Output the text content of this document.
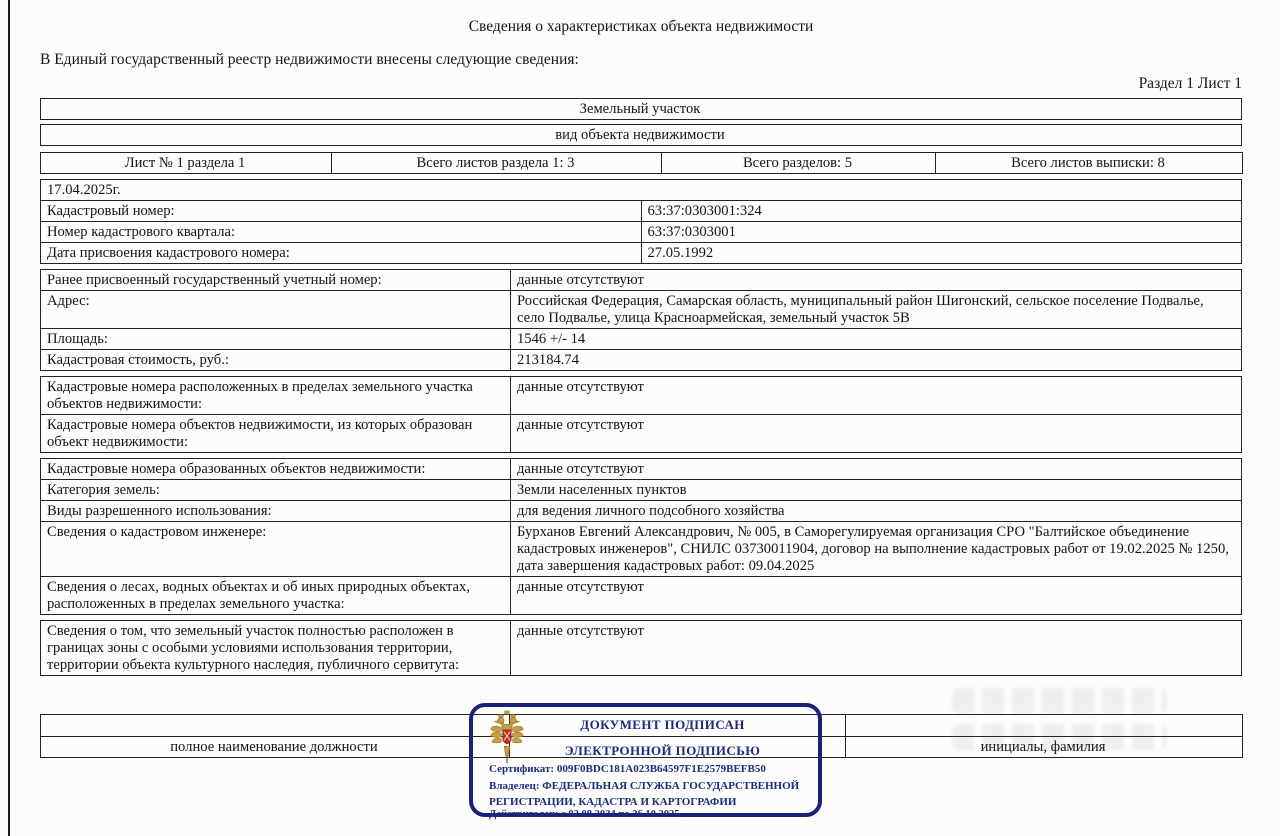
Сведения о характеристиках объекта недвижимости
В Единый государственный реестр недвижимости внесены следующие сведения:
Раздел 1 Лист 1
Земельный участок
вид объекта недвижимости
Лист № 1 раздела 1	Всего листов раздела 1: 3	Всего разделов: 5	Всего листов выписки: 8
17.04.2025г.	
Кадастровый номер:	63:37:0303001:324
Номер кадастрового квартала:	63:37:0303001
Дата присвоения кадастрового номера:	27.05.1992
Ранее присвоенный государственный учетный номер:	данные отсутствуют
Адрес:	Российская Федерация, Самарская область, муниципальный район Шигонский, сельское поселение Подвалье, село Подвалье, улица Красноармейская, земельный участок 5В
Площадь:	1546 +/- 14
Кадастровая стоимость, руб.:	213184.74
Кадастровые номера расположенных в пределах земельного участка объектов недвижимости:	данные отсутствуют
Кадастровые номера объектов недвижимости, из которых образован объект недвижимости:	данные отсутствуют
Кадастровые номера образованных объектов недвижимости:	данные отсутствуют
Категория земель:	Земли населенных пунктов
Виды разрешенного использования:	для ведения личного подсобного хозяйства
Сведения о кадастровом инженере:	Бурханов Евгений Александрович, № 005, в Саморегулируемая организация СРО "Балтийское объединение кадастровых инженеров", СНИЛС 03730011904, договор на выполнение кадастровых работ от 19.02.2025 № 1250, дата завершения кадастровых работ: 09.04.2025
Сведения о лесах, водных объектах и об иных природных объектах, расположенных в пределах земельного участка:	данные отсутствуют
Сведения о том, что земельный участок полностью расположен в границах зоны с особыми условиями использования территории, территории объекта культурного наследия, публичного сервитута:	данные отсутствуют

полное наименование должности		инициалы, фамилия
ДОКУМЕНТ ПОДПИСАН
ЭЛЕКТРОННОЙ ПОДПИСЬЮ
Сертификат: 009F0BDC181A023B64597F1E2579BEFB50
Владелец: ФЕДЕРАЛЬНАЯ СЛУЖБА ГОСУДАРСТВЕННОЙ
РЕГИСТРАЦИИ, КАДАСТРА И КАРТОГРАФИИ
Действителен: с 02.08.2024 по 26.10.2025
